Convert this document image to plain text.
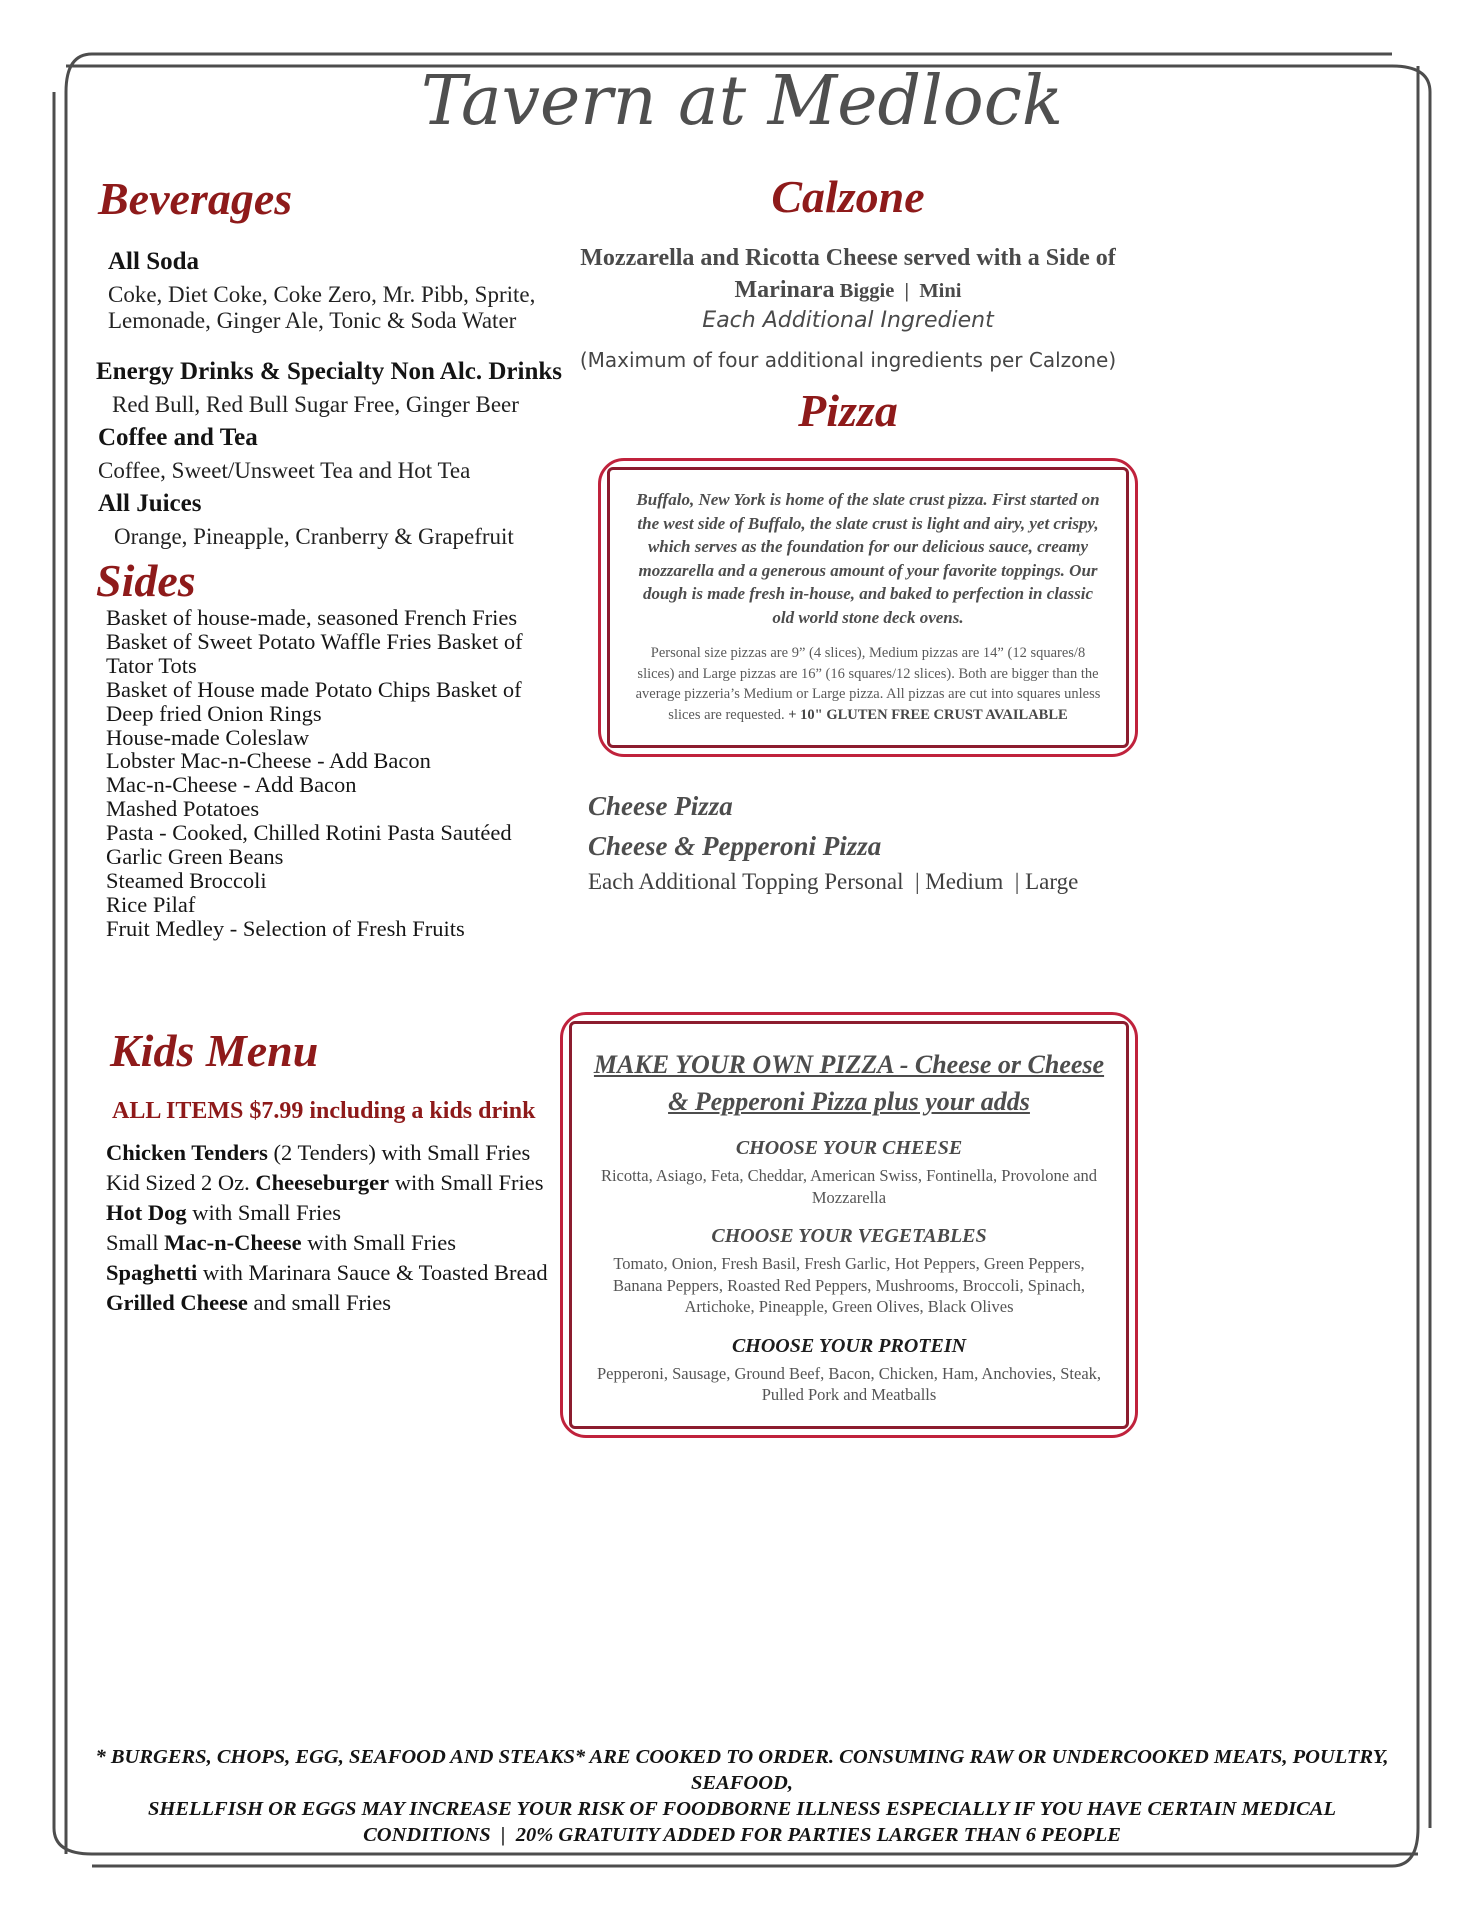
Tavern at Medlock
Beverages
All Soda
Coke, Diet Coke, Coke Zero, Mr. Pibb, Sprite, Lemonade, Ginger Ale, Tonic & Soda Water
Energy Drinks & Specialty Non Alc. Drinks
Red Bull, Red Bull Sugar Free, Ginger Beer
Coffee and Tea
Coffee, Sweet/Unsweet Tea and Hot Tea
All Juices
Orange, Pineapple, Cranberry & Grapefruit
Sides
Basket of house-made, seasoned French Fries
Basket of Sweet Potato Waffle Fries Basket of
Tator Tots
Basket of House made Potato Chips Basket of
Deep fried Onion Rings
House-made Coleslaw
Lobster Mac-n-Cheese - Add Bacon
Mac-n-Cheese - Add Bacon
Mashed Potatoes
Pasta - Cooked, Chilled Rotini Pasta Sautéed
Garlic Green Beans
Steamed Broccoli
Rice Pilaf
Fruit Medley - Selection of Fresh Fruits
Kids Menu
ALL ITEMS $7.99 including a kids drink
Chicken Tenders (2 Tenders) with Small Fries
Kid Sized 2 Oz. Cheeseburger with Small Fries
Hot Dog with Small Fries
Small Mac-n-Cheese with Small Fries
Spaghetti with Marinara Sauce & Toasted Bread
Grilled Cheese and small Fries
Calzone
Mozzarella and Ricotta Cheese served with a Side of Marinara Biggie  |  Mini
Each Additional Ingredient
(Maximum of four additional ingredients per Calzone)
Pizza
Buffalo, New York is home of the slate crust pizza. First started on the west side of Buffalo, the slate crust is light and airy, yet crispy, which serves as the foundation for our delicious sauce, creamy mozzarella and a generous amount of your favorite toppings. Our dough is made fresh in-house, and baked to perfection in classic old world stone deck ovens.
Personal size pizzas are 9” (4 slices), Medium pizzas are 14” (12 squares/8 slices) and Large pizzas are 16” (16 squares/12 slices). Both are bigger than the average pizzeria’s Medium or Large pizza. All pizzas are cut into squares unless slices are requested. + 10" GLUTEN FREE CRUST AVAILABLE
Cheese Pizza
Cheese & Pepperoni Pizza
Each Additional Topping Personal  | Medium  | Large
MAKE YOUR OWN PIZZA - Cheese or Cheese & Pepperoni Pizza plus your adds
CHOOSE YOUR CHEESE
Ricotta, Asiago, Feta, Cheddar, American Swiss, Fontinella, Provolone and Mozzarella
CHOOSE YOUR VEGETABLES
Tomato, Onion, Fresh Basil, Fresh Garlic, Hot Peppers, Green Peppers, Banana Peppers, Roasted Red Peppers, Mushrooms, Broccoli, Spinach, Artichoke, Pineapple, Green Olives, Black Olives
CHOOSE YOUR PROTEIN
Pepperoni, Sausage, Ground Beef, Bacon, Chicken, Ham, Anchovies, Steak, Pulled Pork and Meatballs
* BURGERS, CHOPS, EGG, SEAFOOD AND STEAKS* ARE COOKED TO ORDER. CONSUMING RAW OR UNDERCOOKED MEATS, POULTRY, SEAFOOD,
SHELLFISH OR EGGS MAY INCREASE YOUR RISK OF FOODBORNE ILLNESS ESPECIALLY IF YOU HAVE CERTAIN MEDICAL
CONDITIONS  |  20% GRATUITY ADDED FOR PARTIES LARGER THAN 6 PEOPLE
